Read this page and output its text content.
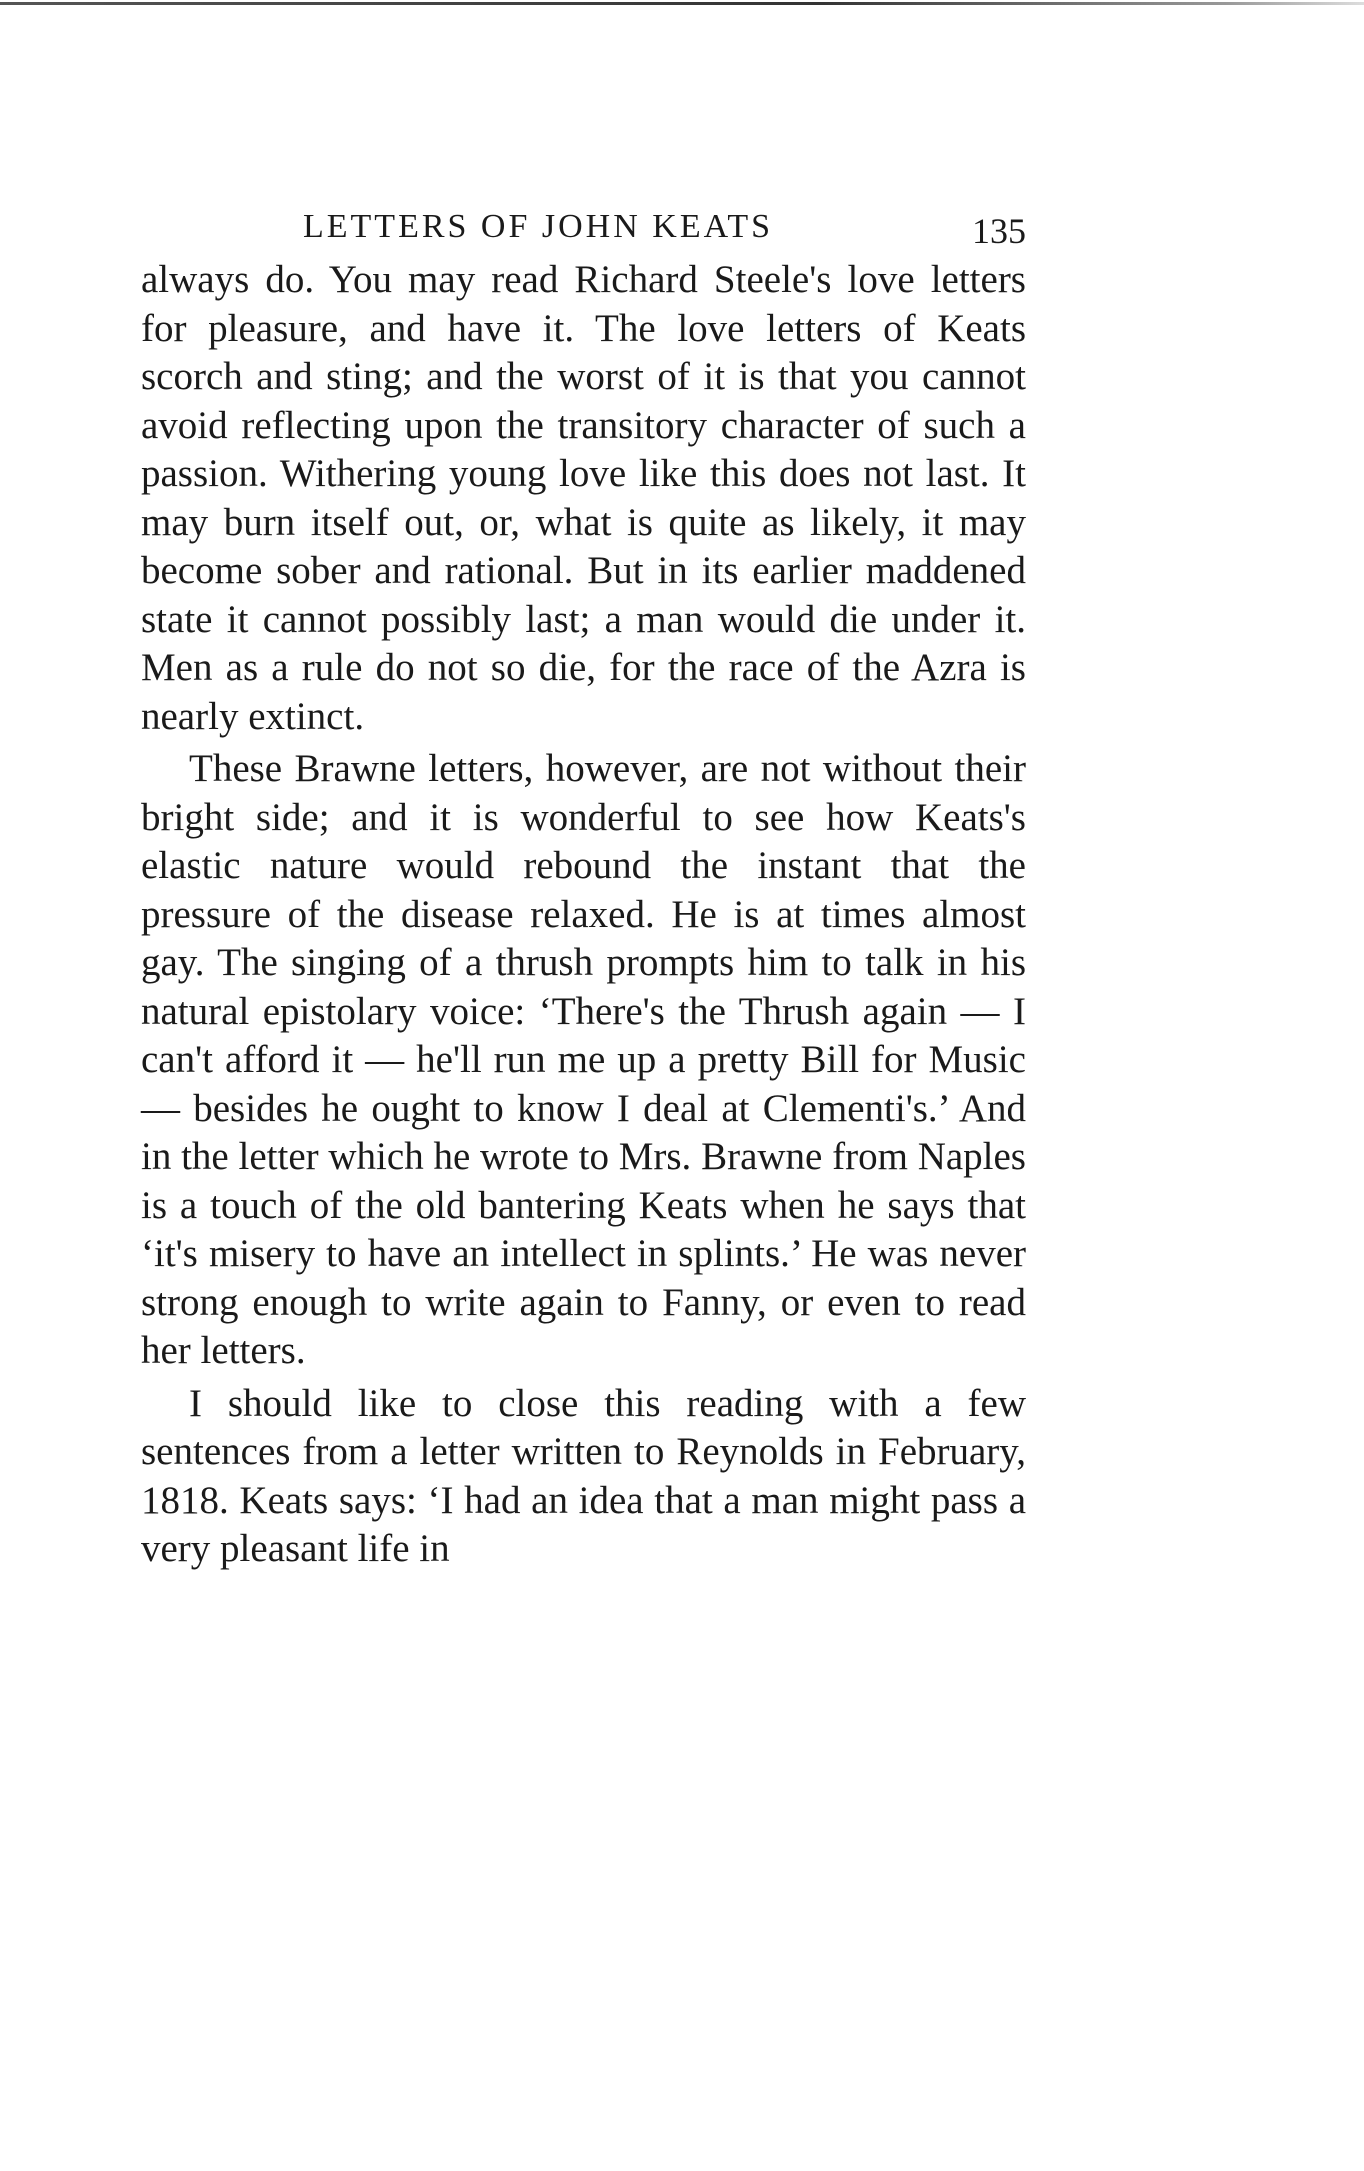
LETTERS OF JOHN KEATS	135

always do. You may read Richard Steele's love letters for pleasure, and have it. The love letters of Keats scorch and sting; and the worst of it is that you cannot avoid reflecting upon the transitory character of such a passion. Withering young love like this does not last. It may burn itself out, or, what is quite as likely, it may become sober and rational. But in its earlier maddened state it cannot possibly last; a man would die under it. Men as a rule do not so die, for the race of the Azra is nearly extinct.

These Brawne letters, however, are not without their bright side; and it is wonderful to see how Keats's elastic nature would rebound the instant that the pressure of the disease relaxed. He is at times almost gay. The singing of a thrush prompts him to talk in his natural epistolary voice: ‘There's the Thrush again — I can't afford it — he'll run me up a pretty Bill for Music — besides he ought to know I deal at Clementi's.’ And in the letter which he wrote to Mrs. Brawne from Naples is a touch of the old bantering Keats when he says that ‘it's misery to have an intellect in splints.’ He was never strong enough to write again to Fanny, or even to read her letters.

I should like to close this reading with a few sentences from a letter written to Reynolds in February, 1818. Keats says: ‘I had an idea that a man might pass a very pleasant life in
